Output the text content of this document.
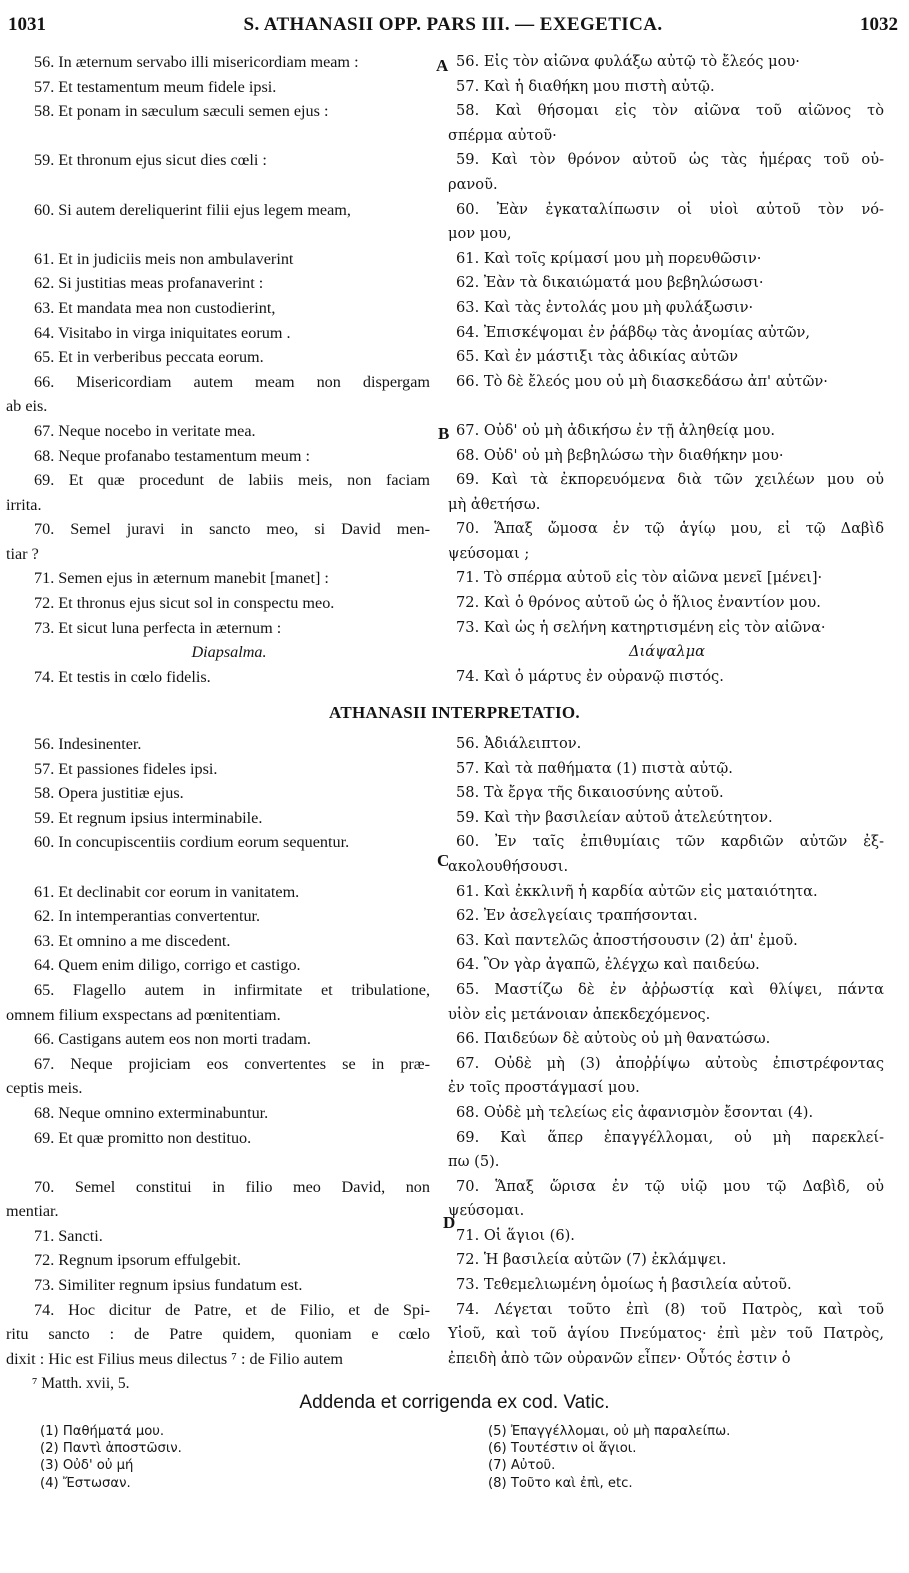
1031	S. ATHANASII OPP. PARS III. — EXEGETICA.	1032
56. In æternum servabo illi misericordiam meam :	56. Εἰς τὸν αἰῶνα φυλάξω αὐτῷ τὸ ἔλεός μου·
57. Et testamentum meum fidele ipsi.	57. Καὶ ἡ διαθήκη μου πιστὴ αὐτῷ.
58. Et ponam in sæculum sæculi semen ejus :
	58. Καὶ θήσομαι εἰς τὸν αἰῶνα τοῦ αἰῶνος τὸ
σπέρμα αὐτοῦ·
59. Et thronum ejus sicut dies cœli :
	59. Καὶ τὸν θρόνον αὐτοῦ ὡς τὰς ἡμέρας τοῦ οὐ-
ρανοῦ.
60. Si autem dereliquerint filii ejus legem meam,
	60. Ἐὰν ἐγκαταλίπωσιν οἱ υἱοὶ αὐτοῦ τὸν νό-
μον μου,
61. Et in judiciis meis non ambulaverint	61. Καὶ τοῖς κρίμασί μου μὴ πορευθῶσιν·
62. Si justitias meas profanaverint :	62. Ἐὰν τὰ δικαιώματά μου βεβηλώσωσι·
63. Et mandata mea non custodierint,	63. Καὶ τὰς ἐντολάς μου μὴ φυλάξωσιν·
64. Visitabo in virga iniquitates eorum .	64. Ἐπισκέψομαι ἐν ῥάβδῳ τὰς ἀνομίας αὐτῶν,
65. Et in verberibus peccata eorum.	65. Καὶ ἐν μάστιξι τὰς ἀδικίας αὐτῶν
66. Misericordiam autem meam non dispergam
ab eis.
66. Τὸ δὲ ἔλεός μου οὐ μὴ διασκεδάσω ἀπ' αὐτῶν·

67. Neque nocebo in veritate mea.	67. Οὐδ' οὐ μὴ ἀδικήσω ἐν τῇ ἀληθείᾳ μου.
68. Neque profanabo testamentum meum :	68. Οὐδ' οὐ μὴ βεβηλώσω τὴν διαθήκην μου·
69. Et quæ procedunt de labiis meis, non faciam
irrita.
69. Καὶ τὰ ἐκπορευόμενα διὰ τῶν χειλέων μου οὐ
μὴ ἀθετήσω.
70. Semel juravi in sancto meo, si David men-
tiar ?
70. Ἅπαξ ὤμοσα ἐν τῷ ἁγίῳ μου, εἰ τῷ Δαβὶδ
ψεύσομαι ;
71. Semen ejus in æternum manebit [manet] :	71. Τὸ σπέρμα αὐτοῦ εἰς τὸν αἰῶνα μενεῖ [μένει]·
72. Et thronus ejus sicut sol in conspectu meo.	72. Καὶ ὁ θρόνος αὐτοῦ ὡς ὁ ἥλιος ἐναντίον μου.
73. Et sicut luna perfecta in æternum :	73. Καὶ ὡς ἡ σελήνη κατηρτισμένη εἰς τὸν αἰῶνα·
Diapsalma.	Διάψαλμα
74. Et testis in cœlo fidelis.	74. Καὶ ὁ μάρτυς ἐν οὐρανῷ πιστός.
ATHANASII INTERPRETATIO.
56. Indesinenter.	56. Ἀδιάλειπτον.
57. Et passiones fideles ipsi.	57. Καὶ τὰ παθήματα (1) πιστὰ αὐτῷ.
58. Opera justitiæ ejus.	58. Τὰ ἔργα τῆς δικαιοσύνης αὐτοῦ.
59. Et regnum ipsius interminabile.	59. Καὶ τὴν βασιλείαν αὐτοῦ ἀτελεύτητον.
60. In concupiscentiis cordium eorum sequentur.
	60. Ἐν ταῖς ἐπιθυμίαις τῶν καρδιῶν αὐτῶν ἐξ-
ακολουθήσουσι.
61. Et declinabit cor eorum in vanitatem.	61. Καὶ ἐκκλινῆ ἡ καρδία αὐτῶν εἰς ματαιότητα.
62. In intemperantias convertentur.	62. Ἐν ἀσελγείαις τραπήσονται.
63. Et omnino a me discedent.	63. Καὶ παντελῶς ἀποστήσουσιν (2) ἀπ' ἐμοῦ.
64. Quem enim diligo, corrigo et castigo.	64. Ὃν γὰρ ἀγαπῶ, ἐλέγχω καὶ παιδεύω.
65. Flagello autem in infirmitate et tribulatione,
omnem filium exspectans ad pœnitentiam.
65. Μαστίζω δὲ ἐν ἀῤῥωστίᾳ καὶ θλίψει, πάντα
υἱὸν εἰς μετάνοιαν ἀπεκδεχόμενος.
66. Castigans autem eos non morti tradam.	66. Παιδεύων δὲ αὐτοὺς οὐ μὴ θανατώσω.
67. Neque projiciam eos convertentes se in præ-
ceptis meis.
67. Οὐδὲ μὴ (3) ἀποῤῥίψω αὐτοὺς ἐπιστρέφοντας
ἐν τοῖς προστάγμασί μου.
68. Neque omnino exterminabuntur.	68. Οὐδὲ μὴ τελείως εἰς ἀφανισμὸν ἔσονται (4).
69. Et quæ promitto non destituo.
	69. Καὶ ἅπερ ἐπαγγέλλομαι, οὐ μὴ παρεκλεί-
πω (5).
70. Semel constitui in filio meo David, non
mentiar.
70. Ἅπαξ ὥρισα ἐν τῷ υἱῷ μου τῷ Δαβὶδ, οὐ
ψεύσομαι.
71. Sancti.	71. Οἱ ἅγιοι (6).
72. Regnum ipsorum effulgebit.	72. Ἡ βασιλεία αὐτῶν (7) ἐκλάμψει.
73. Similiter regnum ipsius fundatum est.	73. Τεθεμελιωμένη ὁμοίως ἡ βασιλεία αὐτοῦ.
74. Hoc dicitur de Patre, et de Filio, et de Spi-
ritu sancto : de Patre quidem, quoniam e cœlo
dixit : Hic est Filius meus dilectus ⁷ : de Filio autem
74. Λέγεται τοῦτο ἐπὶ (8) τοῦ Πατρὸς, καὶ τοῦ
Υἱοῦ, καὶ τοῦ ἁγίου Πνεύματος· ἐπὶ μὲν τοῦ Πατρὸς,
ἐπειδὴ ἀπὸ τῶν οὐρανῶν εἶπεν· Οὗτός ἐστιν ὁ
A
B
C
D
⁷ Matth. xvii, 5.
Addenda et corrigenda ex cod. Vatic.
(1) Παθήματά μου.
(2) Παντὶ ἀποστῶσιν.
(3) Οὐδ' οὐ μή
(4) Ἔστωσαν.
(5) Ἐπαγγέλλομαι, οὐ μὴ παραλείπω.
(6) Τουτέστιν οἱ ἅγιοι.
(7) Αὐτοῦ.
(8) Τοῦτο καὶ ἐπὶ, etc.
